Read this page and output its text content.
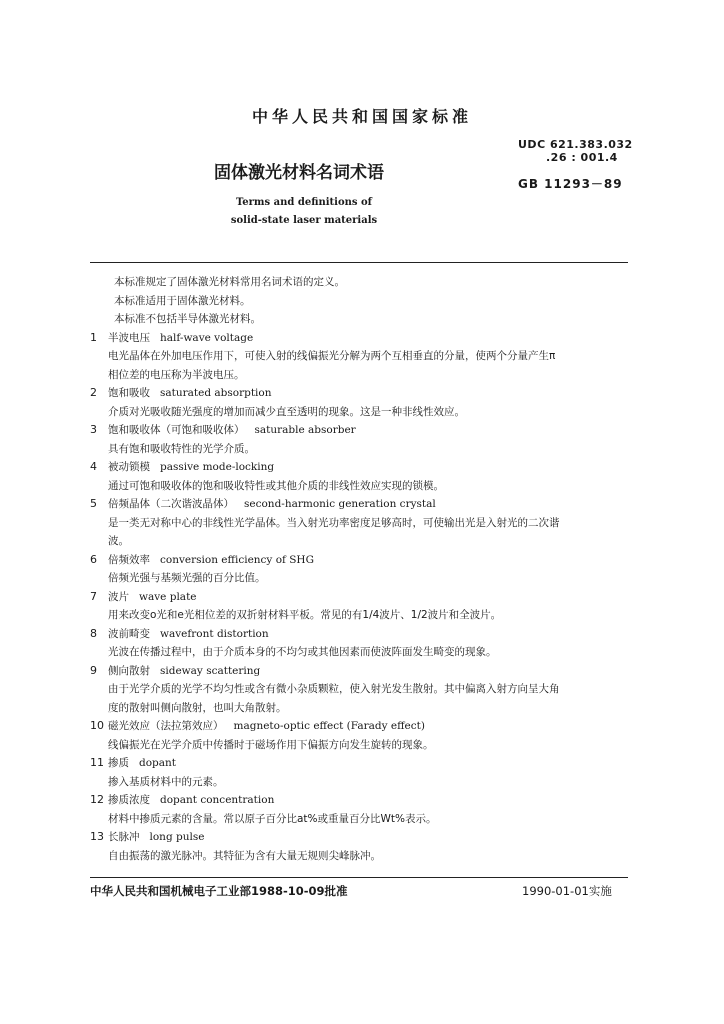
中华人民共和国国家标准
UDC 621.383.032
.26 : 001.4
GB 11293－89
固体激光材料名词术语
Terms and definitions of
solid-state laser materials
本标准规定了固体激光材料常用名词术语的定义。
本标准适用于固体激光材料。
本标准不包括半导体激光材料。
1 半波电压 half-wave voltage
电光晶体在外加电压作用下，可使入射的线偏振光分解为两个互相垂直的分量，使两个分量产生π
相位差的电压称为半波电压。
2 饱和吸收 saturated absorption
介质对光吸收随光强度的增加而减少直至透明的现象。这是一种非线性效应。
3 饱和吸收体（可饱和吸收体） saturable absorber
具有饱和吸收特性的光学介质。
4 被动锁模 passive mode-locking
通过可饱和吸收体的饱和吸收特性或其他介质的非线性效应实现的锁模。
5 倍频晶体（二次谐波晶体） second-harmonic generation crystal
是一类无对称中心的非线性光学晶体。当入射光功率密度足够高时，可使输出光是入射光的二次谐
波。
6 倍频效率 conversion efficiency of SHG
倍频光强与基频光强的百分比值。
7 波片 wave plate
用来改变o光和e光相位差的双折射材料平板。常见的有1/4波片、1/2波片和全波片。
8 波前畸变 wavefront distortion
光波在传播过程中，由于介质本身的不均匀或其他因素而使波阵面发生畸变的现象。
9 侧向散射 sideway scattering
由于光学介质的光学不均匀性或含有微小杂质颗粒，使入射光发生散射。其中偏离入射方向呈大角
度的散射叫侧向散射，也叫大角散射。
10 磁光效应（法拉第效应） magneto-optic effect (Farady effect)
线偏振光在光学介质中传播时于磁场作用下偏振方向发生旋转的现象。
11 掺质 dopant
掺入基质材料中的元素。
12 掺质浓度 dopant concentration
材料中掺质元素的含量。常以原子百分比at%或重量百分比Wt%表示。
13 长脉冲 long pulse
自由振荡的激光脉冲。其特征为含有大量无规则尖峰脉冲。
中华人民共和国机械电子工业部1988-10-09批准	1990-01-01实施
